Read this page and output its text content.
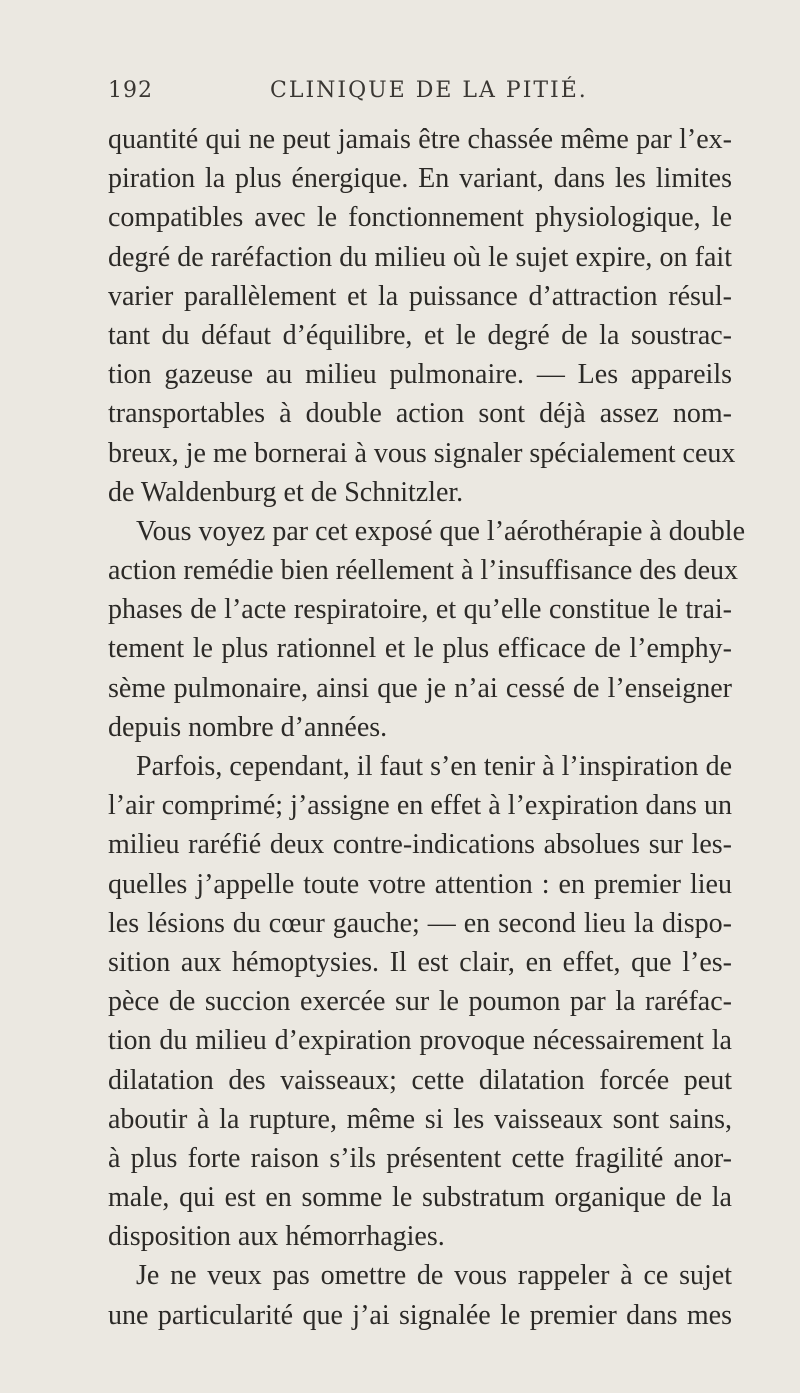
192	CLINIQUE DE LA PITIÉ.
quantité qui ne peut jamais être chassée même par l’ex-
piration la plus énergique. En variant, dans les limites
compatibles avec le fonctionnement physiologique, le
degré de raréfaction du milieu où le sujet expire, on fait
varier parallèlement et la puissance d’attraction résul-
tant du défaut d’équilibre, et le degré de la soustrac-
tion gazeuse au milieu pulmonaire. — Les appareils
transportables à double action sont déjà assez nom-
breux, je me bornerai à vous signaler spécialement ceux
de Waldenburg et de Schnitzler.
Vous voyez par cet exposé que l’aérothérapie à double
action remédie bien réellement à l’insuffisance des deux
phases de l’acte respiratoire, et qu’elle constitue le trai-
tement le plus rationnel et le plus efficace de l’emphy-
sème pulmonaire, ainsi que je n’ai cessé de l’enseigner
depuis nombre d’années.
Parfois, cependant, il faut s’en tenir à l’inspiration de
l’air comprimé; j’assigne en effet à l’expiration dans un
milieu raréfié deux contre-indications absolues sur les-
quelles j’appelle toute votre attention : en premier lieu
les lésions du cœur gauche; — en second lieu la dispo-
sition aux hémoptysies. Il est clair, en effet, que l’es-
pèce de succion exercée sur le poumon par la raréfac-
tion du milieu d’expiration provoque nécessairement la
dilatation des vaisseaux; cette dilatation forcée peut
aboutir à la rupture, même si les vaisseaux sont sains,
à plus forte raison s’ils présentent cette fragilité anor-
male, qui est en somme le substratum organique de la
disposition aux hémorrhagies.
Je ne veux pas omettre de vous rappeler à ce sujet
une particularité que j’ai signalée le premier dans mes
